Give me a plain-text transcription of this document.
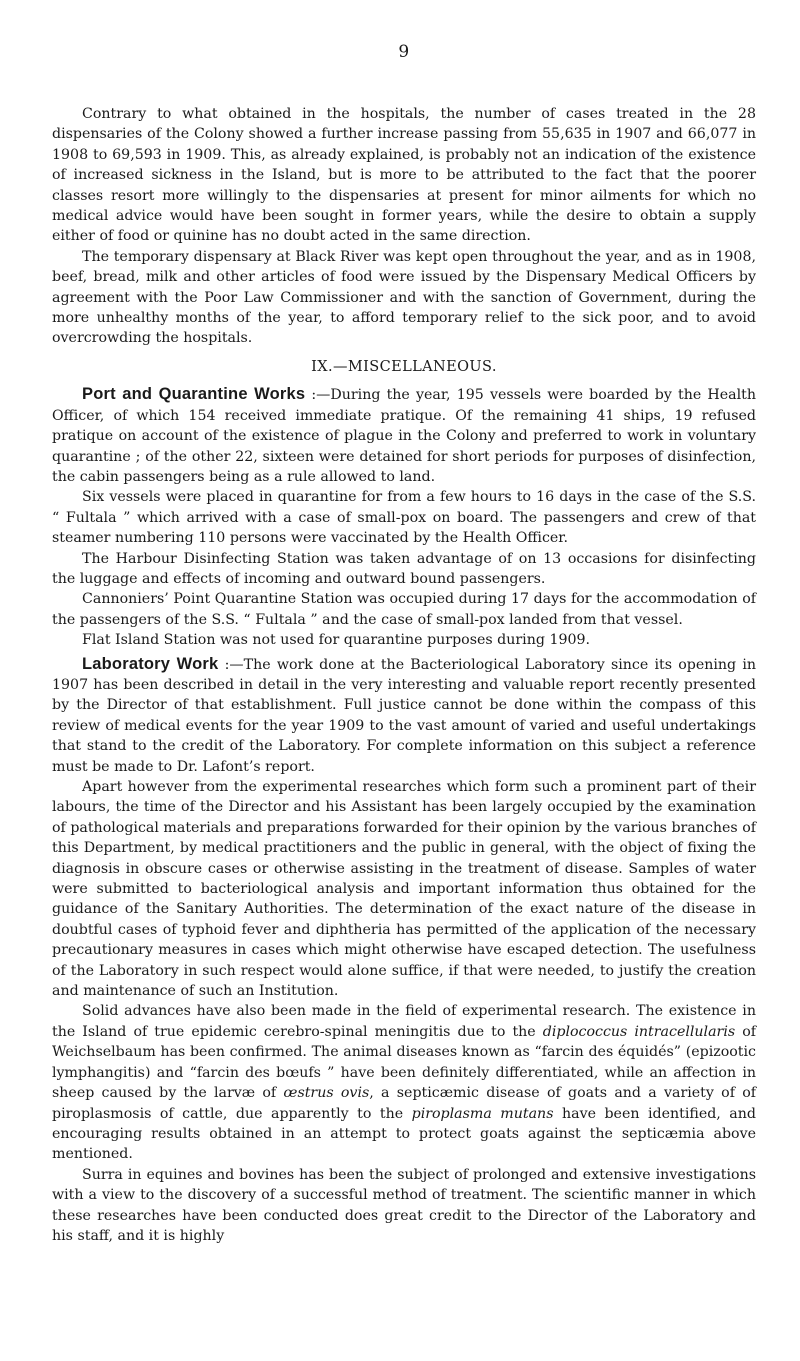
9

Contrary to what obtained in the hospitals, the number of cases treated in the 28 dispensaries of the Colony showed a further increase passing from 55,635 in 1907 and 66,077 in 1908 to 69,593 in 1909. This, as already explained, is probably not an indication of the existence of increased sickness in the Island, but is more to be attributed to the fact that the poorer classes resort more willingly to the dispensaries at present for minor ailments for which no medical advice would have been sought in former years, while the desire to obtain a supply either of food or quinine has no doubt acted in the same direction.

The temporary dispensary at Black River was kept open throughout the year, and as in 1908, beef, bread, milk and other articles of food were issued by the Dispensary Medical Officers by agreement with the Poor Law Commissioner and with the sanction of Government, during the more unhealthy months of the year, to afford temporary relief to the sick poor, and to avoid overcrowding the hospitals.

IX.—MISCELLANEOUS.

Port and Quarantine Works :—During the year, 195 vessels were boarded by the Health Officer, of which 154 received immediate pratique. Of the remaining 41 ships, 19 refused pratique on account of the existence of plague in the Colony and preferred to work in voluntary quarantine ; of the other 22, sixteen were detained for short periods for purposes of disinfection, the cabin passengers being as a rule allowed to land.

Six vessels were placed in quarantine for from a few hours to 16 days in the case of the S.S. “ Fultala ” which arrived with a case of small-pox on board. The passengers and crew of that steamer numbering 110 persons were vaccinated by the Health Officer.

The Harbour Disinfecting Station was taken advantage of on 13 occasions for disinfecting the luggage and effects of incoming and outward bound passengers.

Cannoniers’ Point Quarantine Station was occupied during 17 days for the accommodation of the passengers of the S.S. “ Fultala ” and the case of small-pox landed from that vessel.

Flat Island Station was not used for quarantine purposes during 1909.

Laboratory Work :—The work done at the Bacteriological Laboratory since its opening in 1907 has been described in detail in the very interesting and valuable report recently presented by the Director of that establishment. Full justice cannot be done within the compass of this review of medical events for the year 1909 to the vast amount of varied and useful undertakings that stand to the credit of the Laboratory. For complete information on this subject a reference must be made to Dr. Lafont’s report.

Apart however from the experimental researches which form such a prominent part of their labours, the time of the Director and his Assistant has been largely occupied by the examination of pathological materials and preparations forwarded for their opinion by the various branches of this Department, by medical practitioners and the public in general, with the object of fixing the diagnosis in obscure cases or otherwise assisting in the treatment of disease. Samples of water were submitted to bacteriological analysis and important information thus obtained for the guidance of the Sanitary Authorities. The determination of the exact nature of the disease in doubtful cases of typhoid fever and diphtheria has permitted of the application of the necessary precautionary measures in cases which might otherwise have escaped detection. The usefulness of the Laboratory in such respect would alone suffice, if that were needed, to justify the creation and maintenance of such an Institution.

Solid advances have also been made in the field of experimental research. The existence in the Island of true epidemic cerebro-spinal meningitis due to the diplococcus intracellularis of Weichselbaum has been confirmed. The animal diseases known as “farcin des équidés” (epizootic lymphangitis) and “farcin des bœufs ” have been definitely differentiated, while an affection in sheep caused by the larvæ of œstrus ovis, a septicæmic disease of goats and a variety of of piroplasmosis of cattle, due apparently to the piroplasma mutans have been identified, and encouraging results obtained in an attempt to protect goats against the septicæmia above mentioned.

Surra in equines and bovines has been the subject of prolonged and extensive investigations with a view to the discovery of a successful method of treatment. The scientific manner in which these researches have been conducted does great credit to the Director of the Laboratory and his staff, and it is highly
